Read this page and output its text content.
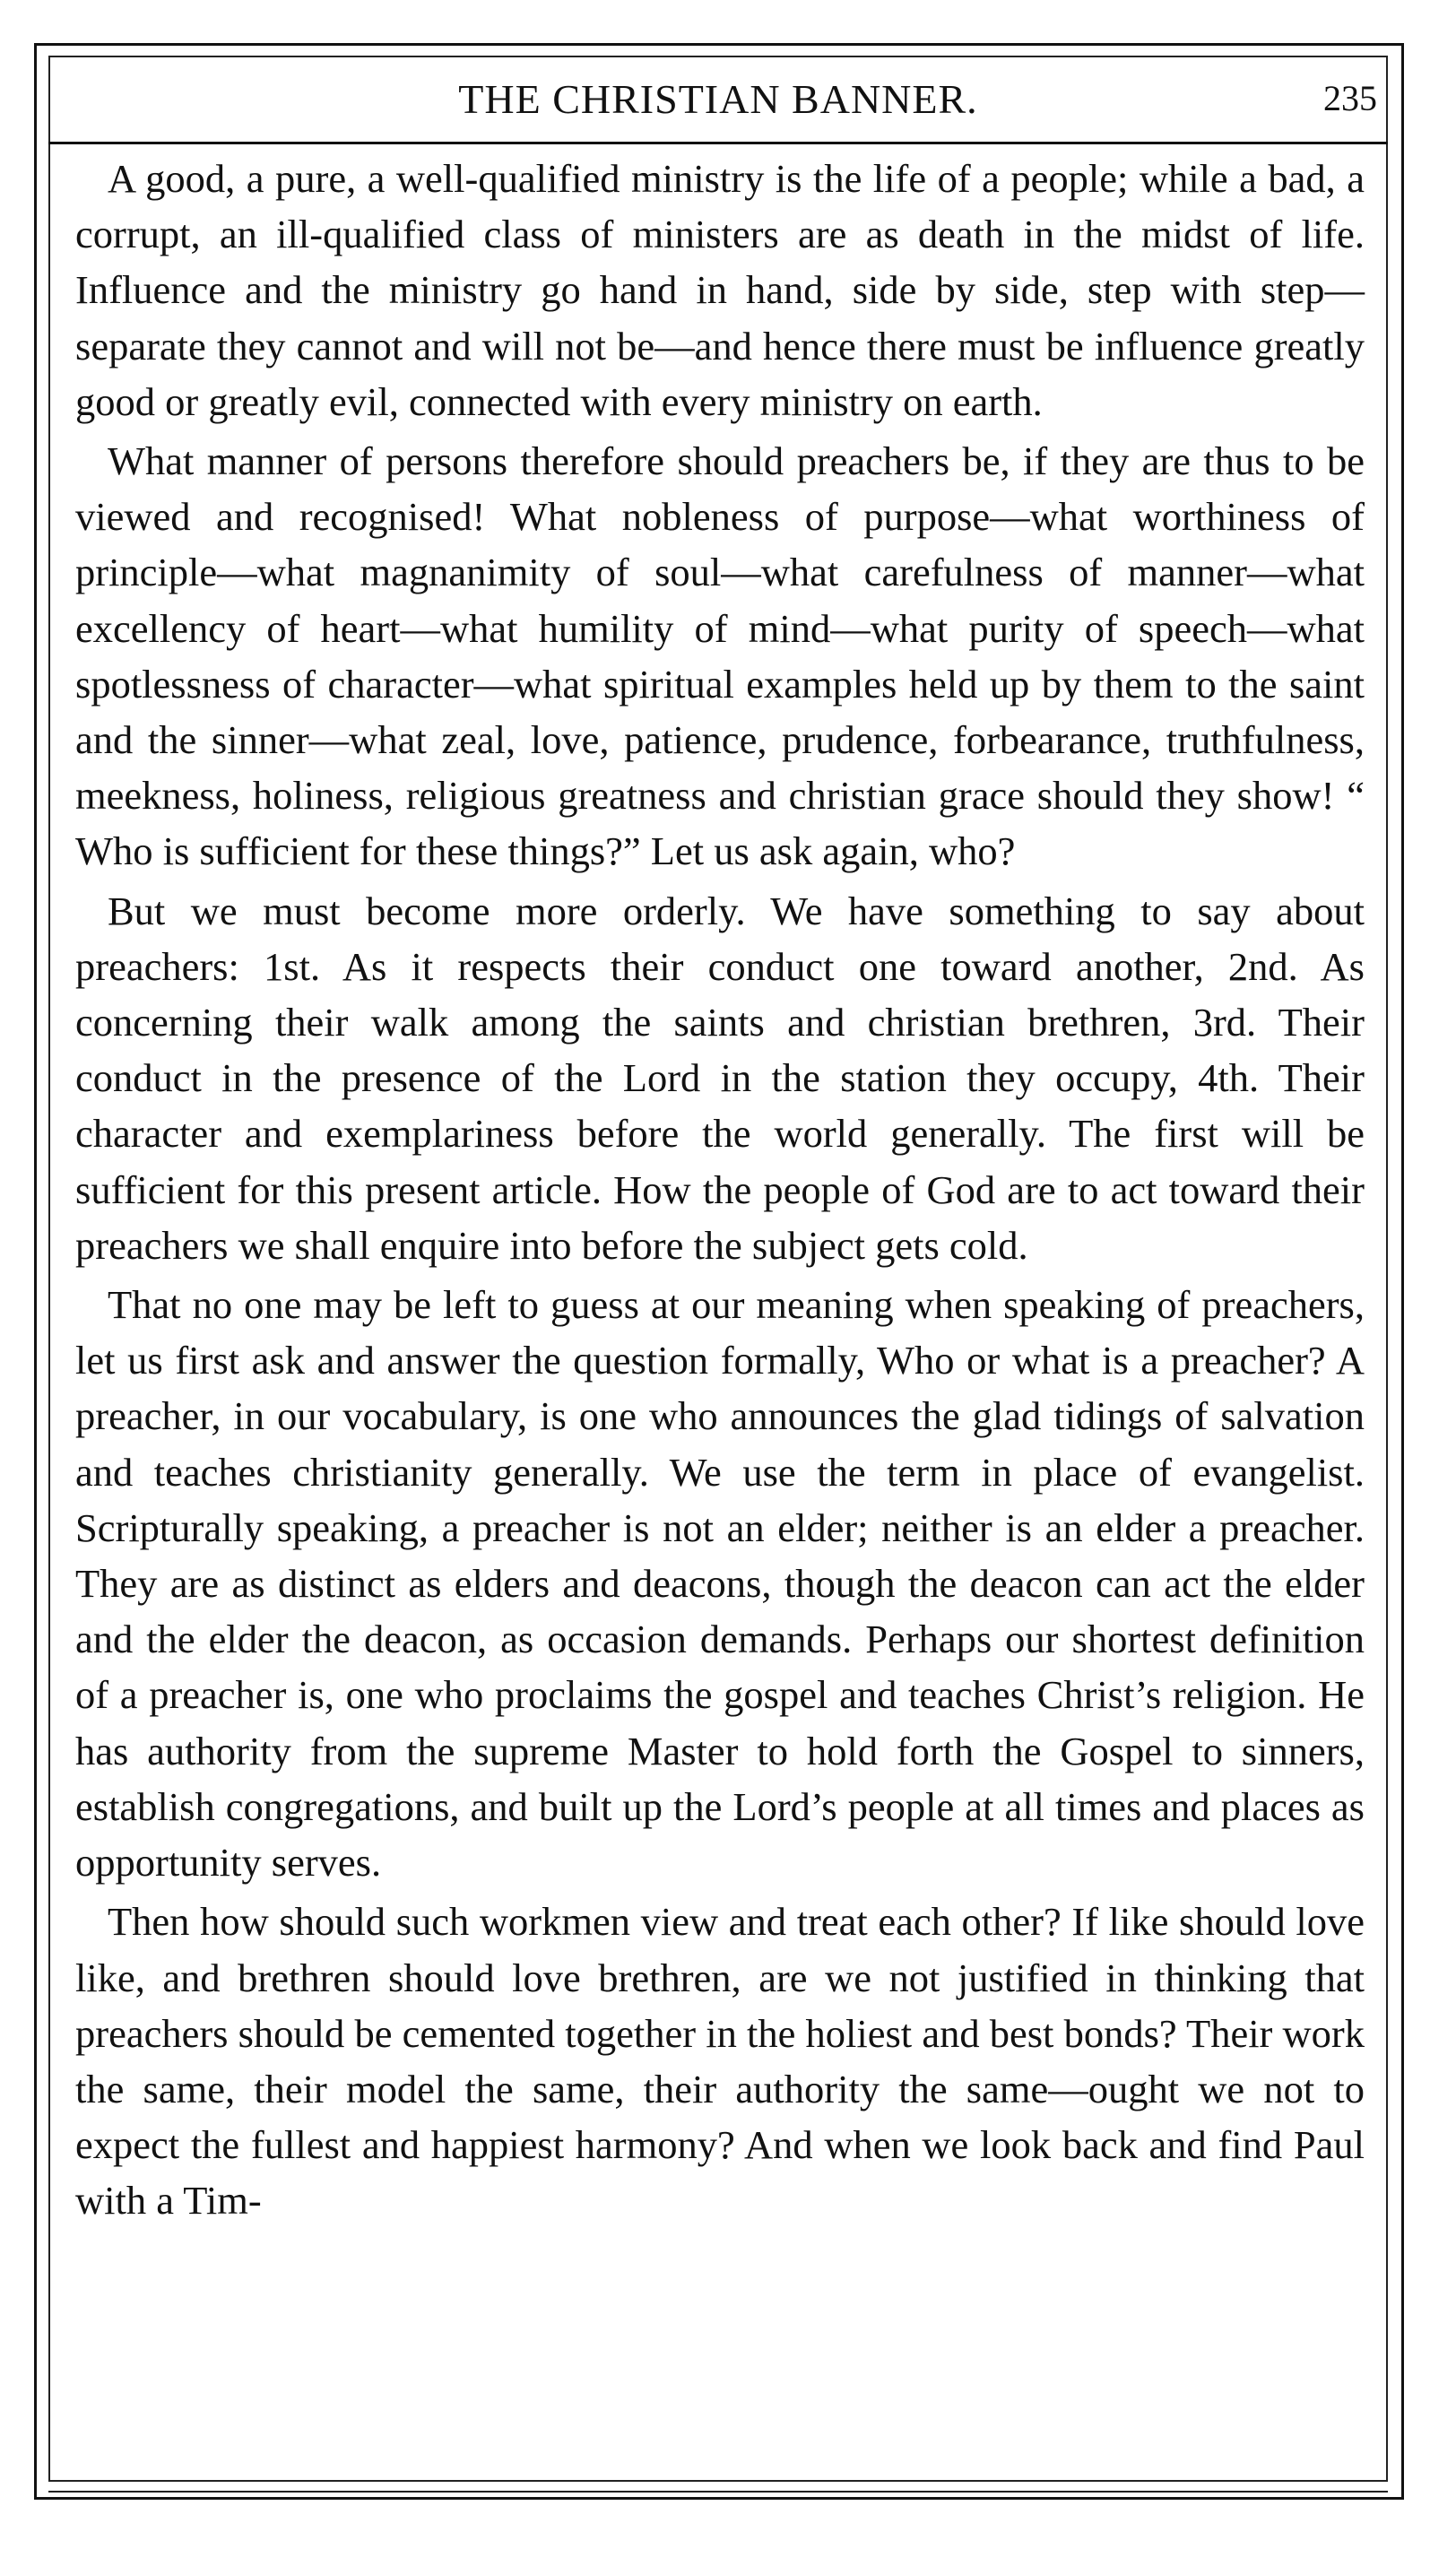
THE CHRISTIAN BANNER.	235

A good, a pure, a well-qualified ministry is the life of a people; while a bad, a corrupt, an ill-qualified class of ministers are as death in the midst of life. Influence and the ministry go hand in hand, side by side, step with step—separate they cannot and will not be—and hence there must be influence greatly good or greatly evil, connected with every ministry on earth.

What manner of persons therefore should preachers be, if they are thus to be viewed and recognised! What nobleness of purpose—what worthiness of principle—what magnanimity of soul—what carefulness of manner—what excellency of heart—what humility of mind—what purity of speech—what spotlessness of character—what spiritual examples held up by them to the saint and the sinner—what zeal, love, patience, prudence, forbearance, truthfulness, meekness, holiness, religious greatness and christian grace should they show! “ Who is sufficient for these things?” Let us ask again, who?

But we must become more orderly. We have something to say about preachers: 1st. As it respects their conduct one toward another, 2nd. As concerning their walk among the saints and christian brethren, 3rd. Their conduct in the presence of the Lord in the station they occupy, 4th. Their character and exemplariness before the world generally. The first will be sufficient for this present article. How the people of God are to act toward their preachers we shall enquire into before the subject gets cold.

That no one may be left to guess at our meaning when speaking of preachers, let us first ask and answer the question formally, Who or what is a preacher? A preacher, in our vocabulary, is one who announces the glad tidings of salvation and teaches christianity generally. We use the term in place of evangelist. Scripturally speaking, a preacher is not an elder; neither is an elder a preacher. They are as distinct as elders and deacons, though the deacon can act the elder and the elder the deacon, as occasion demands. Perhaps our shortest definition of a preacher is, one who proclaims the gospel and teaches Christ’s religion. He has authority from the supreme Master to hold forth the Gospel to sinners, establish congregations, and built up the Lord’s people at all times and places as opportunity serves.

Then how should such workmen view and treat each other? If like should love like, and brethren should love brethren, are we not justified in thinking that preachers should be cemented together in the holiest and best bonds? Their work the same, their model the same, their authority the same—ought we not to expect the fullest and happiest harmony? And when we look back and find Paul with a Tim-
